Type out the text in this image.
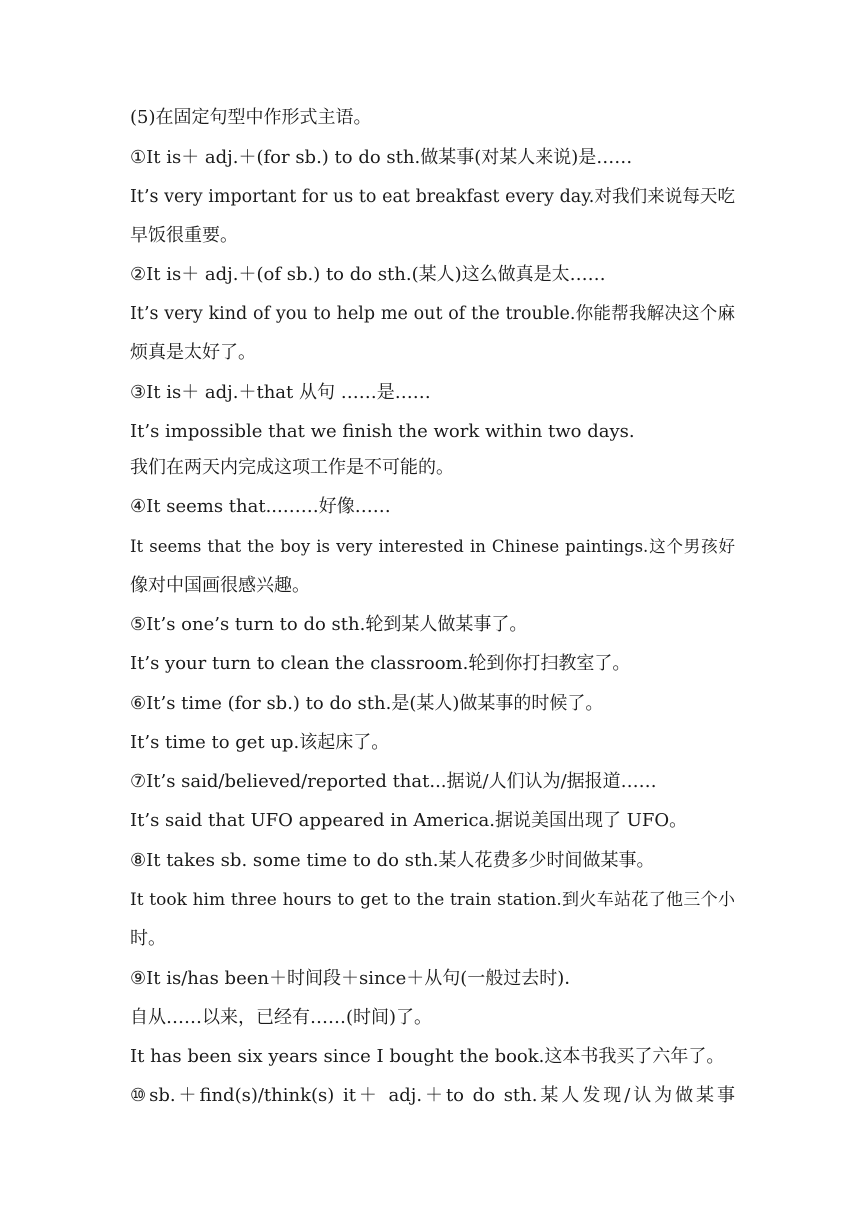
(5)在固定句型中作形式主语。
①It is＋ adj.＋(for sb.) to do sth.做某事(对某人来说)是……
It’s very important for us to eat breakfast every day.对我们来说每天吃
早饭很重要。
②It is＋ adj.＋(of sb.) to do sth.(某人)这么做真是太……
It’s very kind of you to help me out of the trouble.你能帮我解决这个麻
烦真是太好了。
③It is＋ adj.＋that 从句 ……是……
It’s impossible that we finish the work within two days.
我们在两天内完成这项工作是不可能的。
④It seems that...……好像……
It seems that the boy is very interested in Chinese paintings.这个男孩好
像对中国画很感兴趣。
⑤It’s one’s turn to do sth.轮到某人做某事了。
It’s your turn to clean the classroom.轮到你打扫教室了。
⑥It’s time (for sb.) to do sth.是(某人)做某事的时候了。
It’s time to get up.该起床了。
⑦It’s said/believed/reported that...据说/人们认为/据报道……
It’s said that UFO appeared in America.据说美国出现了 UFO。
⑧It takes sb. some time to do sth.某人花费多少时间做某事。
It took him three hours to get to the train station.到火车站花了他三个小
时。
⑨It is/has been＋时间段＋since＋从句(一般过去时)．
自从……以来，已经有……(时间)了。
It has been six years since I bought the book.这本书我买了六年了。
⑩sb.＋find(s)/think(s) it＋ adj.＋to do sth.某人发现/认为做某事
